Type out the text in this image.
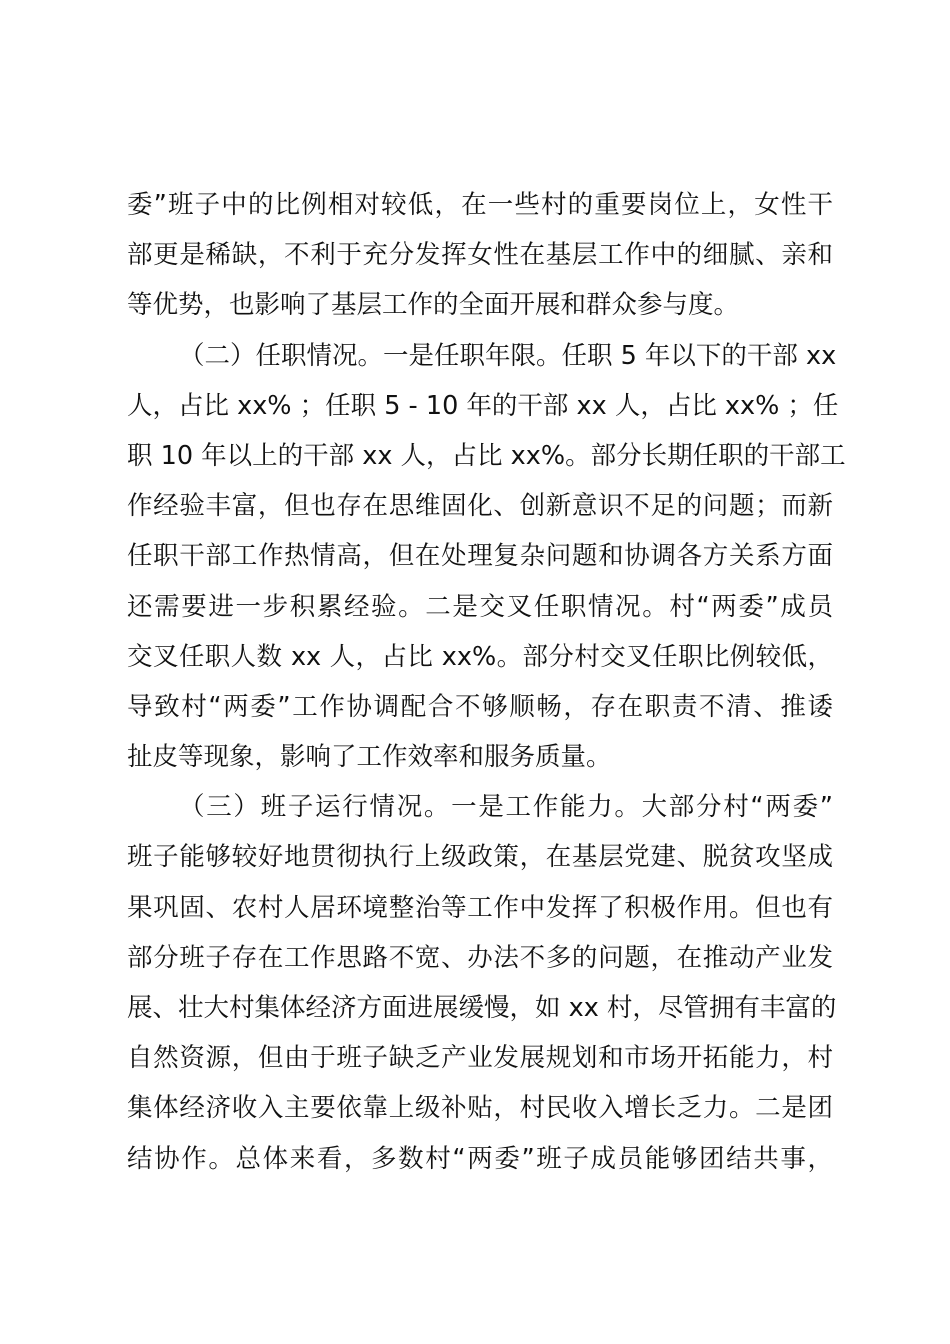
委”班子中的比例相对较低，在一些村的重要岗位上，女性干
部更是稀缺，不利于充分发挥女性在基层工作中的细腻、亲和
等优势，也影响了基层工作的全面开展和群众参与度。
（二）任职情况。一是任职年限。任职 5 年以下的干部 xx
人，占比 xx% ；任职 5 - 10 年的干部 xx 人，占比 xx% ；任
职 10 年以上的干部 xx 人，占比 xx%。部分长期任职的干部工
作经验丰富，但也存在思维固化、创新意识不足的问题；而新
任职干部工作热情高，但在处理复杂问题和协调各方关系方面
还需要进一步积累经验。二是交叉任职情况。村“两委”成员
交叉任职人数 xx 人，占比 xx%。部分村交叉任职比例较低，
导致村“两委”工作协调配合不够顺畅，存在职责不清、推诿
扯皮等现象，影响了工作效率和服务质量。
（三）班子运行情况。一是工作能力。大部分村“两委”
班子能够较好地贯彻执行上级政策，在基层党建、脱贫攻坚成
果巩固、农村人居环境整治等工作中发挥了积极作用。但也有
部分班子存在工作思路不宽、办法不多的问题，在推动产业发
展、壮大村集体经济方面进展缓慢，如 xx 村，尽管拥有丰富的
自然资源，但由于班子缺乏产业发展规划和市场开拓能力，村
集体经济收入主要依靠上级补贴，村民收入增长乏力。二是团
结协作。总体来看，多数村“两委”班子成员能够团结共事，
